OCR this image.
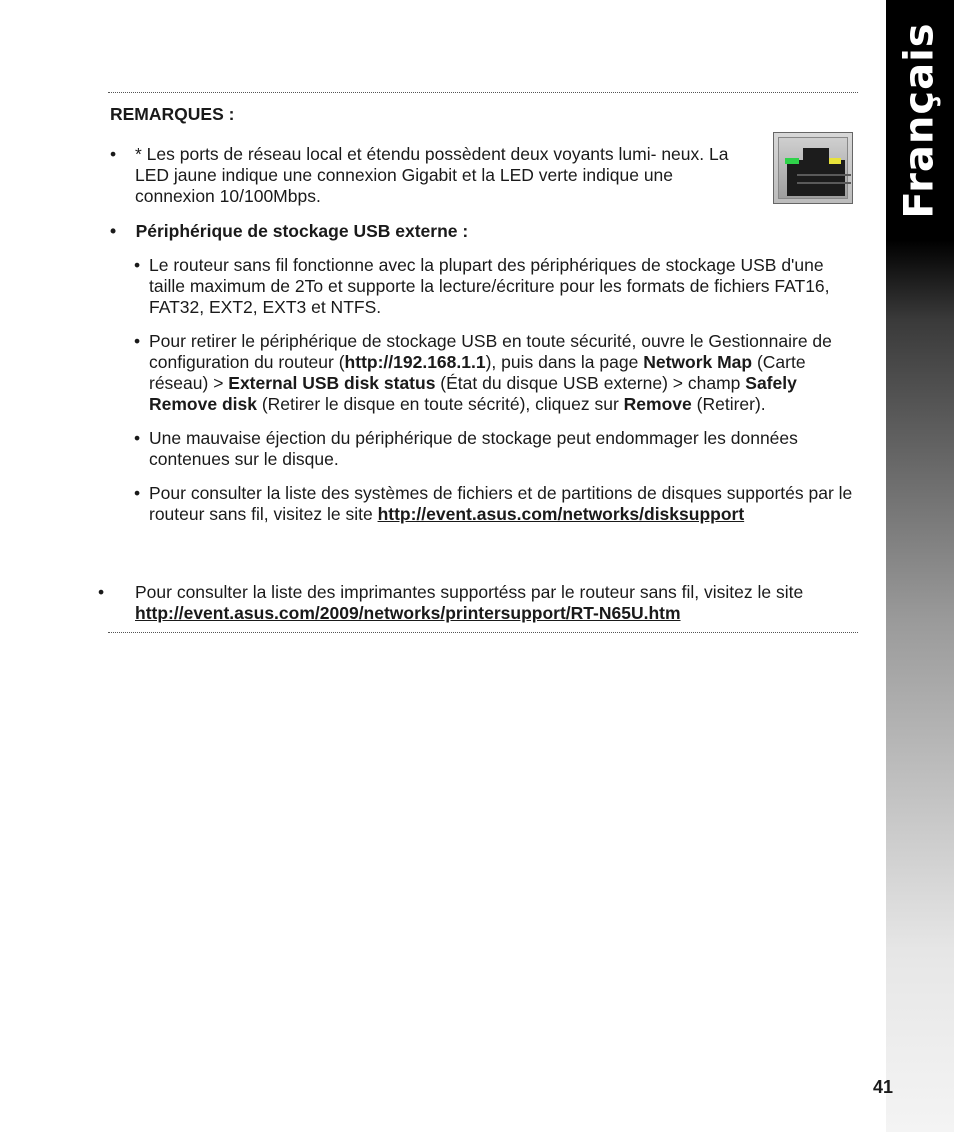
Français
REMARQUES :
• * Les ports de réseau local et étendu possèdent deux voyants lumi- neux. La LED jaune indique une connexion Gigabit et la LED verte indique une connexion 10/100Mbps.
• Périphérique de stockage USB externe :
• Le routeur sans fil fonctionne avec la plupart des périphériques de stockage USB d'une taille maximum de 2To et supporte la lecture/écriture pour les formats de fichiers FAT16, FAT32, EXT2, EXT3 et NTFS.
• Pour retirer le périphérique de stockage USB en toute sécurité, ouvre le Gestionnaire de configuration du routeur (http://192.168.1.1), puis dans la page Network Map (Carte réseau) > External USB disk status (État du disque USB externe) > champ Safely Remove disk (Retirer le disque en toute sécrité), cliquez sur Remove (Retirer).
• Une mauvaise éjection du périphérique de stockage peut endommager les données contenues sur le disque.
• Pour consulter la liste des systèmes de fichiers et de partitions de disques supportés par le routeur sans fil, visitez le site http://event.asus.com/networks/disksupport
• Pour consulter la liste des imprimantes supportéss par le routeur sans fil, visitez le site http://event.asus.com/2009/networks/printersupport/RT-N65U.htm
41
